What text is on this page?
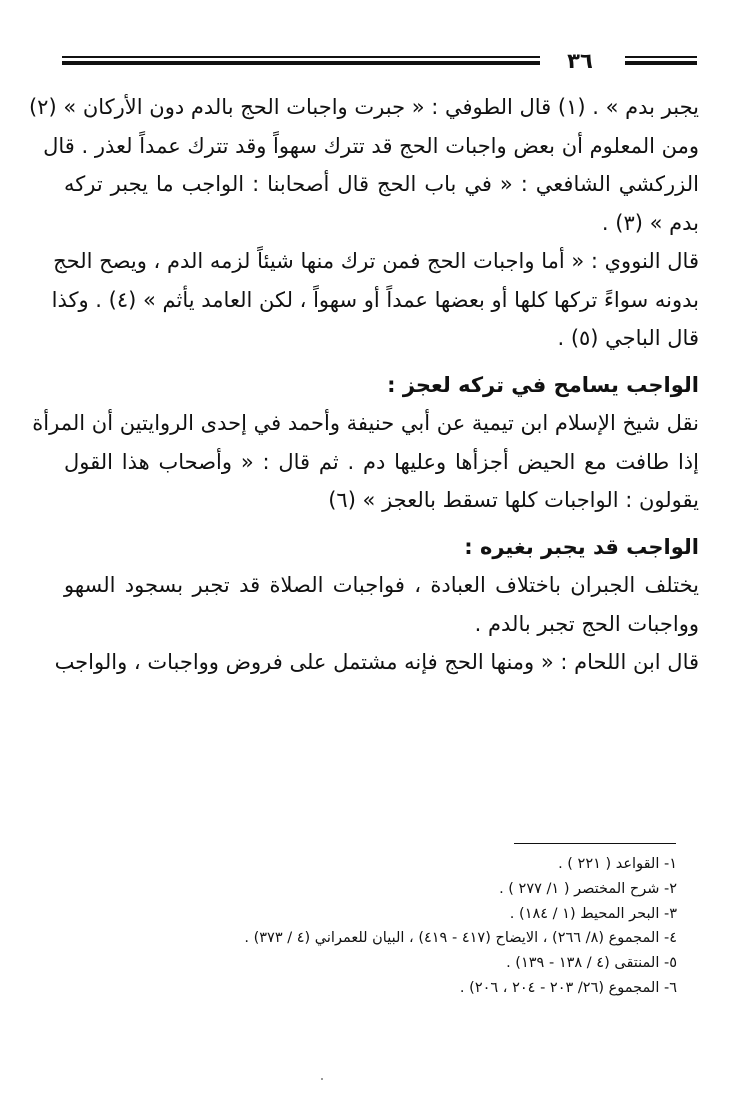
٣٦
يجبر بدم » . (١) قال الطوفي : « جبرت واجبات الحج بالدم دون الأركان » (٢)
ومن المعلوم أن بعض واجبات الحج قد تترك سهواً وقد تترك عمداً لعذر . قال
الزركشي الشافعي : « في باب الحج قال أصحابنا : الواجب ما يجبر تركه
بدم » (٣) .
قال النووي : « أما واجبات الحج فمن ترك منها شيئاً لزمه الدم ، ويصح الحج
بدونه سواءً تركها كلها أو بعضها عمداً أو سهواً ، لكن العامد يأثم » (٤) . وكذا
قال الباجي (٥) .
الواجب يسامح في تركه لعجز :
نقل شيخ الإسلام ابن تيمية عن أبي حنيفة وأحمد في إحدى الروايتين أن المرأة
إذا طافت مع الحيض أجزأها وعليها دم . ثم قال : « وأصحاب هذا القول
يقولون : الواجبات كلها تسقط بالعجز » (٦)
الواجب قد يجبر بغيره :
يختلف الجبران باختلاف العبادة ، فواجبات الصلاة قد تجبر بسجود السهو
وواجبات الحج تجبر بالدم .
قال ابن اللحام : « ومنها الحج فإنه مشتمل على فروض وواجبات ، والواجب
١- القواعد ( ٢٢١ ) .
٢- شرح المختصر ( ١/ ٢٧٧ ) .
٣- البحر المحيط (١ / ١٨٤) .
٤- المجموع (٨/ ٢٦٦) ، الايضاح (٤١٧ - ٤١٩) ، البيان للعمراني (٤ / ٣٧٣) .
٥- المنتقى (٤ / ١٣٨ - ١٣٩) .
٦- المجموع (٢٦/ ٢٠٣ - ٢٠٤ ، ٢٠٦) .
